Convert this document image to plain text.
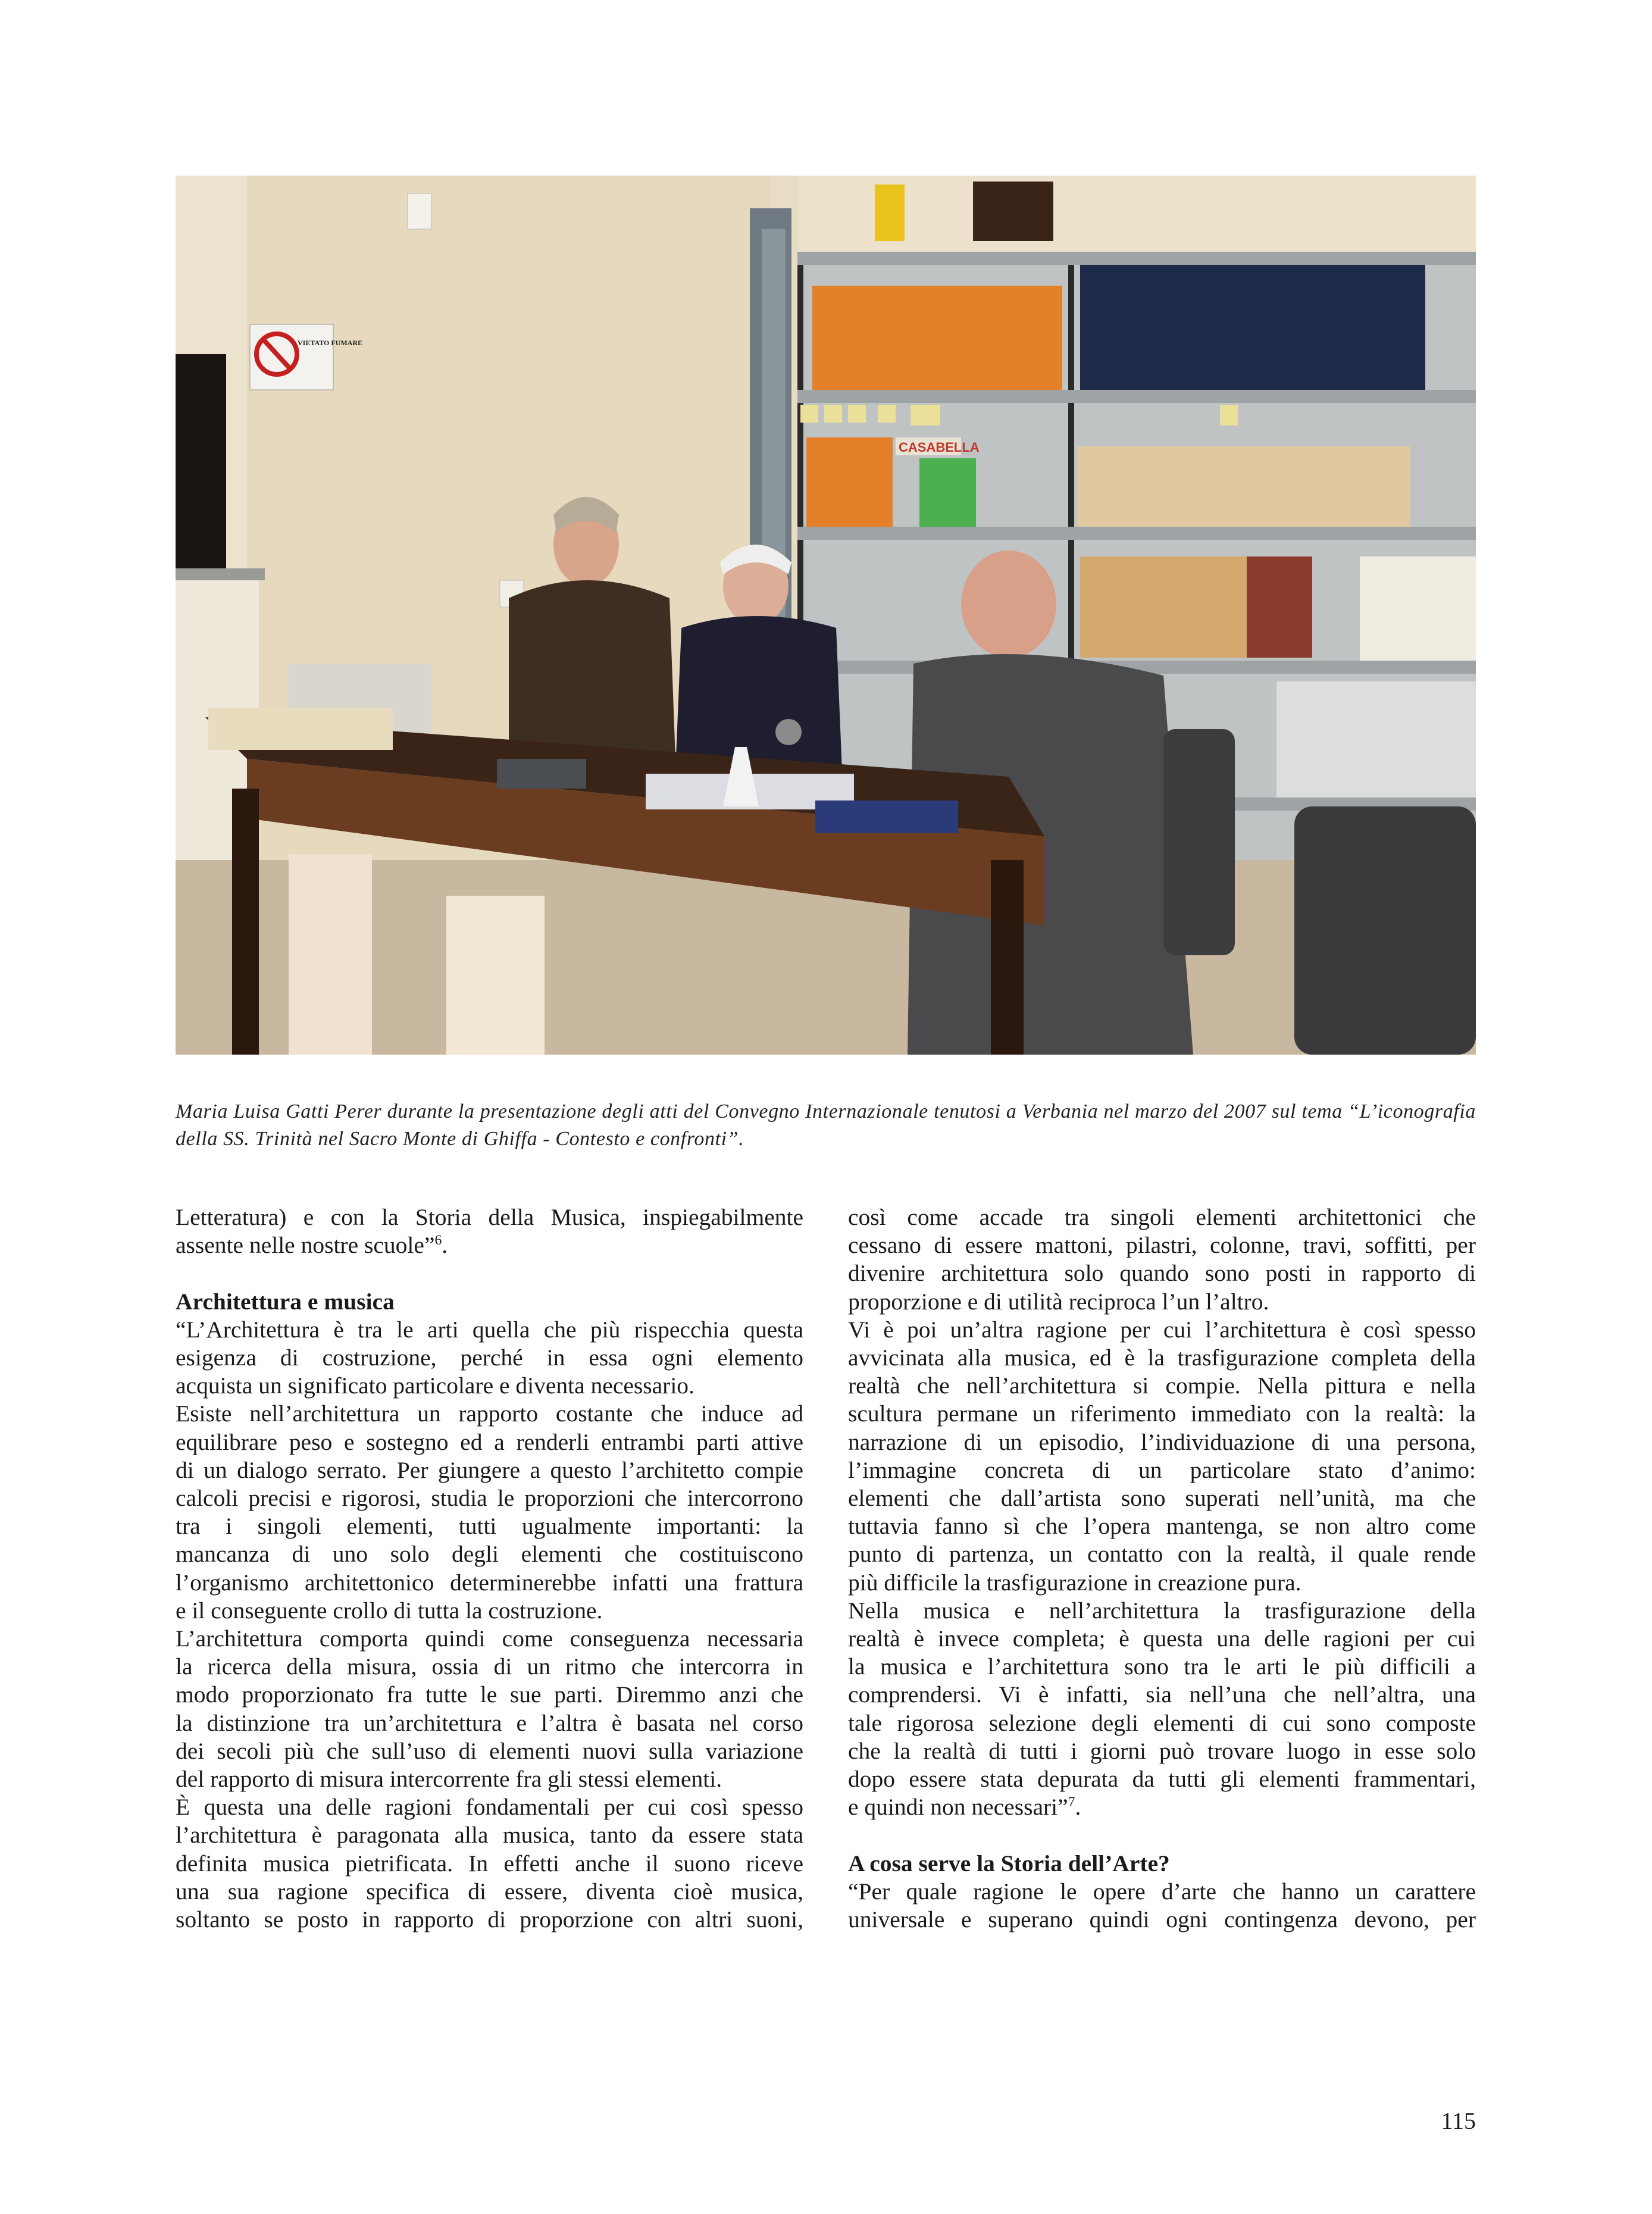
VIETATO FUMARE
CASABELLA
Maria Luisa Gatti Perer durante la presentazione degli atti del Convegno Internazionale tenutosi a Verbania nel marzo del 2007 sul tema “L’iconografia della SS. Trinità nel Sacro Monte di Ghiffa - Contesto e confronti”.

Letteratura) e con la Storia della Musica, inspiegabilmente
assente nelle nostre scuole”$^6$.

Architettura e musica

“L’Architettura è tra le arti quella che più rispecchia questa
esigenza di costruzione, perché in essa ogni elemento
acquista un significato particolare e diventa necessario.

Esiste nell’architettura un rapporto costante che induce ad
equilibrare peso e sostegno ed a renderli entrambi parti attive
di un dialogo serrato. Per giungere a questo l’architetto compie
calcoli precisi e rigorosi, studia le proporzioni che intercorrono
tra i singoli elementi, tutti ugualmente importanti: la
mancanza di uno solo degli elementi che costituiscono
l’organismo architettonico determinerebbe infatti una frattura
e il conseguente crollo di tutta la costruzione.

L’architettura comporta quindi come conseguenza necessaria
la ricerca della misura, ossia di un ritmo che intercorra in
modo proporzionato fra tutte le sue parti. Diremmo anzi che
la distinzione tra un’architettura e l’altra è basata nel corso
dei secoli più che sull’uso di elementi nuovi sulla variazione
del rapporto di misura intercorrente fra gli stessi elementi.

È questa una delle ragioni fondamentali per cui così spesso
l’architettura è paragonata alla musica, tanto da essere stata
definita musica pietrificata. In effetti anche il suono riceve
una sua ragione specifica di essere, diventa cioè musica,
soltanto se posto in rapporto di proporzione con altri suoni,

così come accade tra singoli elementi architettonici che
cessano di essere mattoni, pilastri, colonne, travi, soffitti, per
divenire architettura solo quando sono posti in rapporto di
proporzione e di utilità reciproca l’un l’altro.

Vi è poi un’altra ragione per cui l’architettura è così spesso
avvicinata alla musica, ed è la trasfigurazione completa della
realtà che nell’architettura si compie. Nella pittura e nella
scultura permane un riferimento immediato con la realtà: la
narrazione di un episodio, l’individuazione di una persona,
l’immagine concreta di un particolare stato d’animo:
elementi che dall’artista sono superati nell’unità, ma che
tuttavia fanno sì che l’opera mantenga, se non altro come
punto di partenza, un contatto con la realtà, il quale rende
più difficile la trasfigurazione in creazione pura.

Nella musica e nell’architettura la trasfigurazione della
realtà è invece completa; è questa una delle ragioni per cui
la musica e l’architettura sono tra le arti le più difficili a
comprendersi. Vi è infatti, sia nell’una che nell’altra, una
tale rigorosa selezione degli elementi di cui sono composte
che la realtà di tutti i giorni può trovare luogo in esse solo
dopo essere stata depurata da tutti gli elementi frammentari,
e quindi non necessari”$^7$.

A cosa serve la Storia dell’Arte?

“Per quale ragione le opere d’arte che hanno un carattere
universale e superano quindi ogni contingenza devono, per

115
